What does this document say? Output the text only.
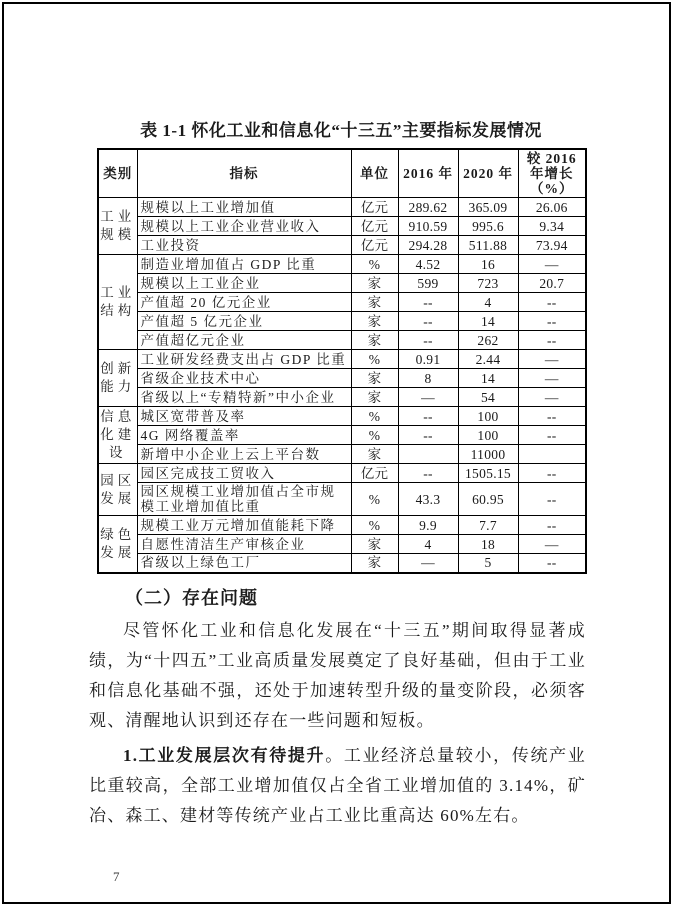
表 1-1 怀化工业和信息化“十三五”主要指标发展情况
类别	指标	单位	2016 年	2020 年	较 2016 年增长（%）
工业规模	规模以上工业增加值	亿元	289.62	365.09	26.06
	规模以上工业企业营业收入	亿元	910.59	995.6	9.34
	工业投资	亿元	294.28	511.88	73.94
工业结构	制造业增加值占 GDP 比重	%	4.52	16	—
	规模以上工业企业	家	599	723	20.7
	产值超 20 亿元企业	家	--	4	--
	产值超 5 亿元企业	家	--	14	--
	产值超亿元企业	家	--	262	--
创新能力	工业研发经费支出占 GDP 比重	%	0.91	2.44	—
	省级企业技术中心	家	8	14	—
	省级以上“专精特新”中小企业	家	—	54	—
信息化建设	城区宽带普及率	%	--	100	--
	4G 网络覆盖率	%	--	100	--
	新增中小企业上云上平台数	家		11000	
园区发展	园区完成技工贸收入	亿元	--	1505.15	--
	园区规模工业增加值占全市规模工业增加值比重	%	43.3	60.95	--
绿色发展	规模工业万元增加值能耗下降	%	9.9	7.7	--
	自愿性清洁生产审核企业	家	4	18	—
	省级以上绿色工厂	家	—	5	--
（二）存在问题

尽管怀化工业和信息化发展在“十三五”期间取得显著成绩，为“十四五”工业高质量发展奠定了良好基础，但由于工业和信息化基础不强，还处于加速转型升级的量变阶段，必须客观、清醒地认识到还存在一些问题和短板。

1.工业发展层次有待提升。工业经济总量较小，传统产业比重较高，全部工业增加值仅占全省工业增加值的 3.14%，矿冶、森工、建材等传统产业占工业比重高达 60%左右。

7
